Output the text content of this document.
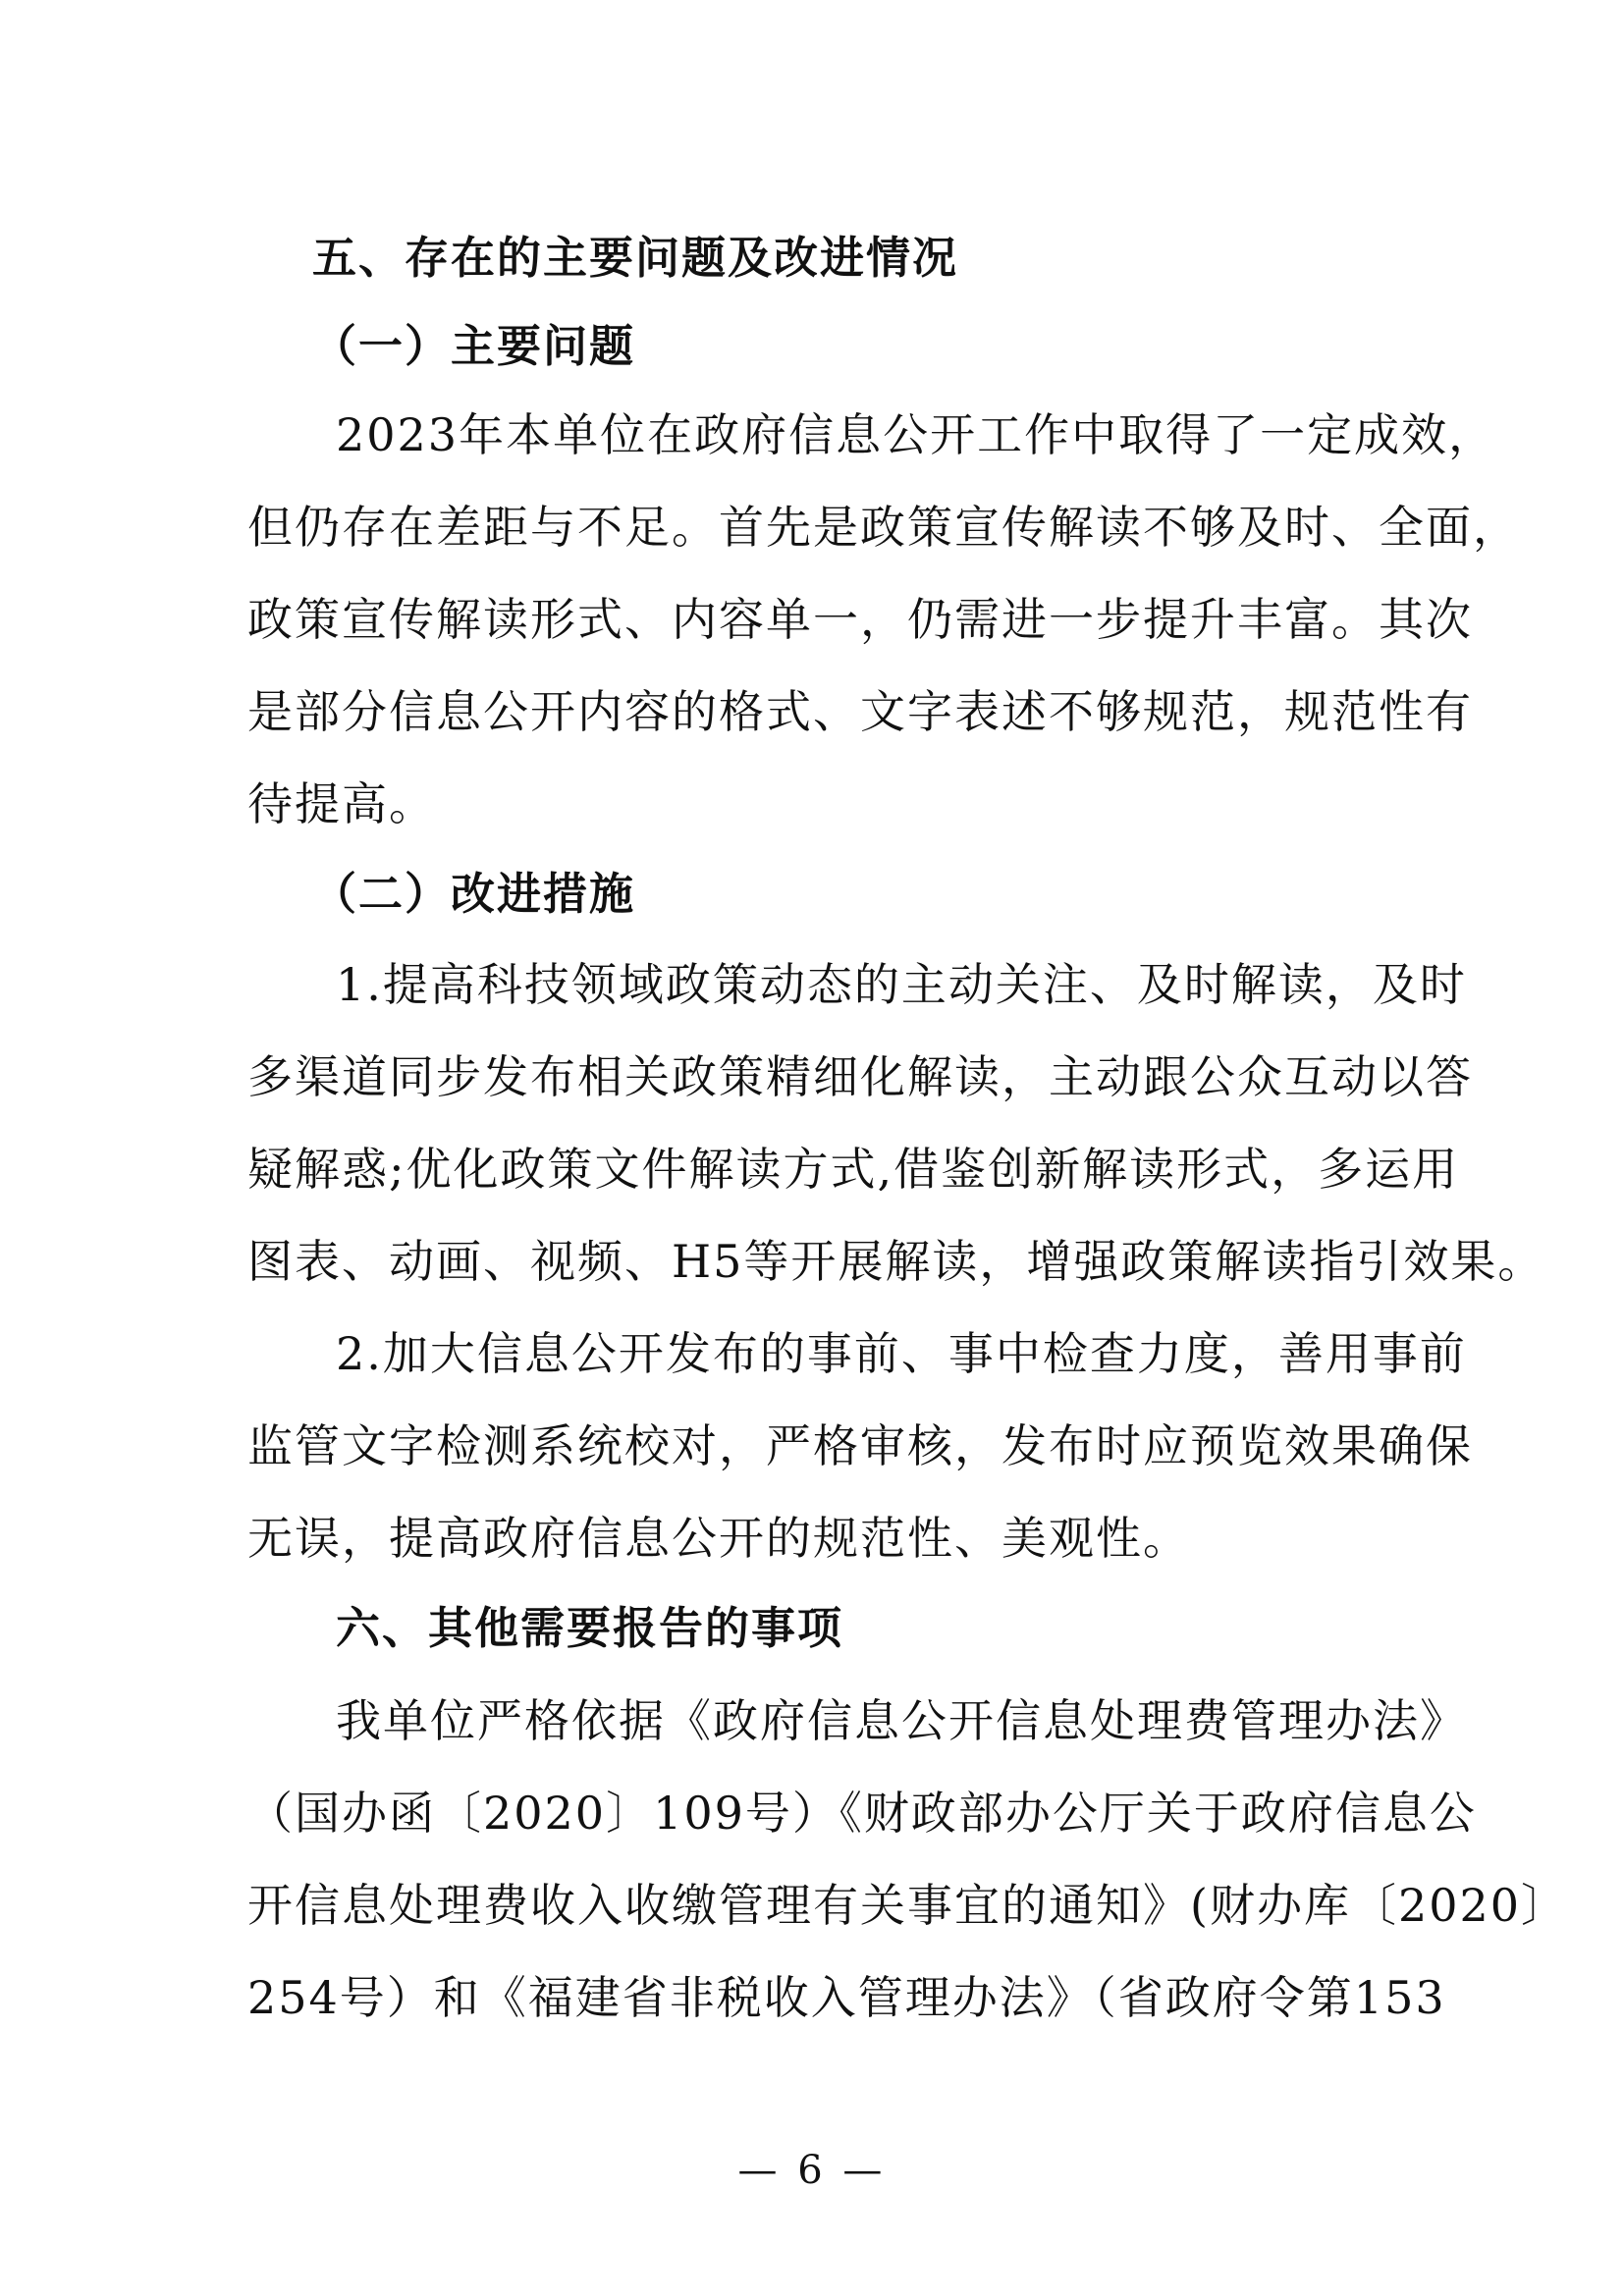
五、存在的主要问题及改进情况
（一）主要问题
2023年本单位在政府信息公开工作中取得了一定成效，
但仍存在差距与不足。首先是政策宣传解读不够及时、全面，
政策宣传解读形式、内容单一，仍需进一步提升丰富。其次
是部分信息公开内容的格式、文字表述不够规范，规范性有
待提高。
（二）改进措施
1.提高科技领域政策动态的主动关注、及时解读，及时
多渠道同步发布相关政策精细化解读，主动跟公众互动以答
疑解惑;优化政策文件解读方式,借鉴创新解读形式，多运用
图表、动画、视频、H5等开展解读，增强政策解读指引效果。
2.加大信息公开发布的事前、事中检查力度，善用事前
监管文字检测系统校对，严格审核，发布时应预览效果确保
无误，提高政府信息公开的规范性、美观性。
六、其他需要报告的事项
我单位严格依据《政府信息公开信息处理费管理办法》
（国办函〔2020〕109号）《财政部办公厅关于政府信息公
开信息处理费收入收缴管理有关事宜的通知》(财办库〔2020〕
254号）和《福建省非税收入管理办法》（省政府令第153
— 6 —
